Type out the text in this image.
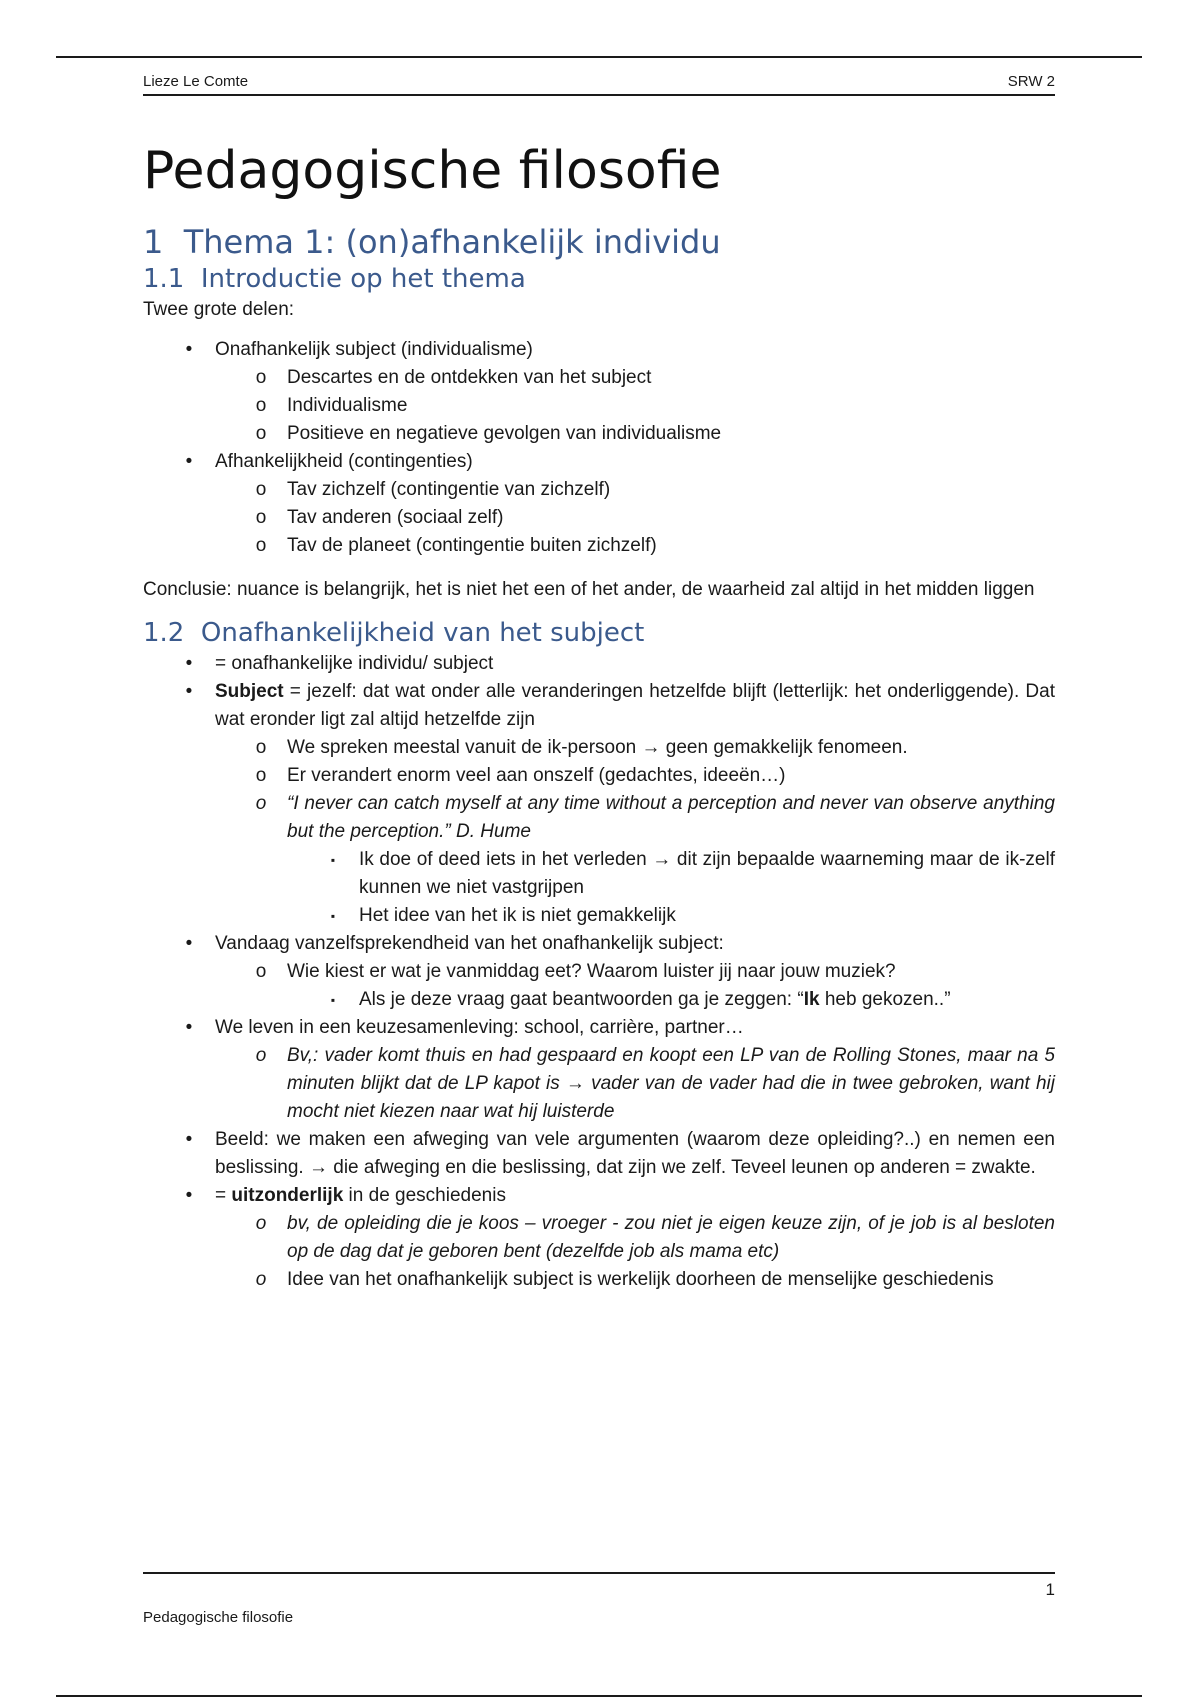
Lieze Le Comte	SRW 2
Pedagogische filosofie
1 Thema 1: (on)afhankelijk individu
1.1 Introductie op het thema

Twee grote delen:

•	Onafhankelijk subject (individualisme)
o Descartes en de ontdekken van het subject
o Individualisme
o Positieve en negatieve gevolgen van individualisme
•	Afhankelijkheid (contingenties)
o Tav zichzelf (contingentie van zichzelf)
o Tav anderen (sociaal zelf)
o Tav de planeet (contingentie buiten zichzelf)

Conclusie: nuance is belangrijk, het is niet het een of het ander, de waarheid zal altijd in het midden liggen

1.2 Onafhankelijkheid van het subject
•	= onafhankelijke individu/ subject
•	Subject = jezelf: dat wat onder alle veranderingen hetzelfde blijft (letterlijk: het onderliggende). Dat wat eronder ligt zal altijd hetzelfde zijn
o We spreken meestal vanuit de ik-persoon → geen gemakkelijk fenomeen.
o Er verandert enorm veel aan onszelf (gedachtes, ideeën…)
o “I never can catch myself at any time without a perception and never van observe anything but the perception.” D. Hume
▪	Ik doe of deed iets in het verleden → dit zijn bepaalde waarneming maar de ik-zelf kunnen we niet vastgrijpen
▪	Het idee van het ik is niet gemakkelijk
•	Vandaag vanzelfsprekendheid van het onafhankelijk subject:
o Wie kiest er wat je vanmiddag eet? Waarom luister jij naar jouw muziek?
▪	Als je deze vraag gaat beantwoorden ga je zeggen: “Ik heb gekozen..”
•	We leven in een keuzesamenleving: school, carrière, partner…
o Bv,: vader komt thuis en had gespaard en koopt een LP van de Rolling Stones, maar na 5 minuten blijkt dat de LP kapot is → vader van de vader had die in twee gebroken, want hij mocht niet kiezen naar wat hij luisterde
•	Beeld: we maken een afweging van vele argumenten (waarom deze opleiding?..) en nemen een beslissing. → die afweging en die beslissing, dat zijn we zelf. Teveel leunen op anderen = zwakte.
•	= uitzonderlijk in de geschiedenis
o bv, de opleiding die je koos – vroeger - zou niet je eigen keuze zijn, of je job is al besloten op de dag dat je geboren bent (dezelfde job als mama etc)
o Idee van het onafhankelijk subject is werkelijk doorheen de menselijke geschiedenis
1
Pedagogische filosofie
